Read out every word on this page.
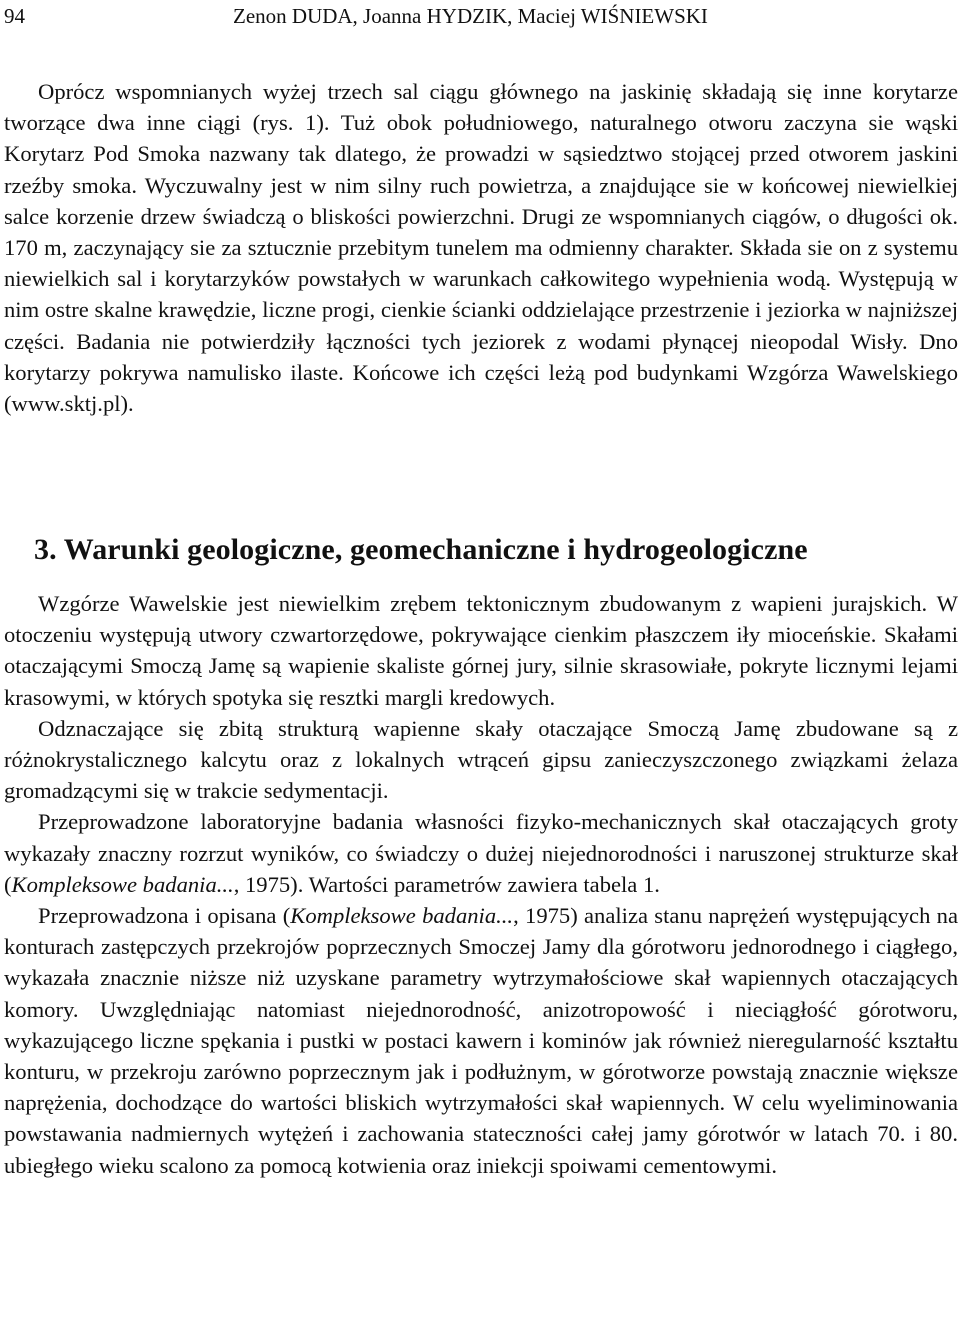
94	Zenon DUDA, Joanna HYDZIK, Maciej WIŚNIEWSKI

Oprócz wspomnianych wyżej trzech sal ciągu głównego na jaskinię składają się inne korytarze tworzące dwa inne ciągi (rys. 1). Tuż obok południowego, naturalnego otworu zaczyna sie wąski Korytarz Pod Smoka nazwany tak dlatego, że prowadzi w sąsiedztwo stojącej przed otworem jaskini rzeźby smoka. Wyczuwalny jest w nim silny ruch powietrza, a znajdujące sie w końcowej niewielkiej salce korzenie drzew świadczą o bliskości powierzchni. Drugi ze wspomnianych ciągów, o długości ok. 170 m, zaczynający sie za sztucznie przebitym tunelem ma odmienny charakter. Składa sie on z systemu niewielkich sal i korytarzyków powstałych w warunkach całkowitego wypełnienia wodą. Występują w nim ostre skalne krawędzie, liczne progi, cienkie ścianki oddzielające przestrzenie i jeziorka w najniższej części. Badania nie potwierdziły łączności tych jeziorek z wodami płynącej nieopodal Wisły. Dno korytarzy pokrywa namulisko ilaste. Końcowe ich części leżą pod budynkami Wzgórza Wawelskiego (www.sktj.pl).

3. Warunki geologiczne, geomechaniczne i hydrogeologiczne

Wzgórze Wawelskie jest niewielkim zrębem tektonicznym zbudowanym z wapieni jurajskich. W otoczeniu występują utwory czwartorzędowe, pokrywające cienkim płaszczem iły mioceńskie. Skałami otaczającymi Smoczą Jamę są wapienie skaliste górnej jury, silnie skrasowiałe, pokryte licznymi lejami krasowymi, w których spotyka się resztki margli kredowych.

Odznaczające się zbitą strukturą wapienne skały otaczające Smoczą Jamę zbudowane są z różnokrystalicznego kalcytu oraz z lokalnych wtrąceń gipsu zanieczyszczonego związkami żelaza gromadzącymi się w trakcie sedymentacji.

Przeprowadzone laboratoryjne badania własności fizyko-mechanicznych skał otaczających groty wykazały znaczny rozrzut wyników, co świadczy o dużej niejednorodności i naruszonej strukturze skał (Kompleksowe badania..., 1975). Wartości parametrów zawiera tabela 1.

Przeprowadzona i opisana (Kompleksowe badania..., 1975) analiza stanu naprężeń występujących na konturach zastępczych przekrojów poprzecznych Smoczej Jamy dla górotworu jednorodnego i ciągłego, wykazała znacznie niższe niż uzyskane parametry wytrzymałościowe skał wapiennych otaczających komory. Uwzględniając natomiast niejednorodność, anizotropowość i nieciągłość górotworu, wykazującego liczne spękania i pustki w postaci kawern i kominów jak również nieregularność kształtu konturu, w przekroju zarówno poprzecznym jak i podłużnym, w górotworze powstają znacznie większe naprężenia, dochodzące do wartości bliskich wytrzymałości skał wapiennych. W celu wyeliminowania powstawania nadmiernych wytężeń i zachowania stateczności całej jamy górotwór w latach 70. i 80. ubiegłego wieku scalono za pomocą kotwienia oraz iniekcji spoiwami cementowymi.
